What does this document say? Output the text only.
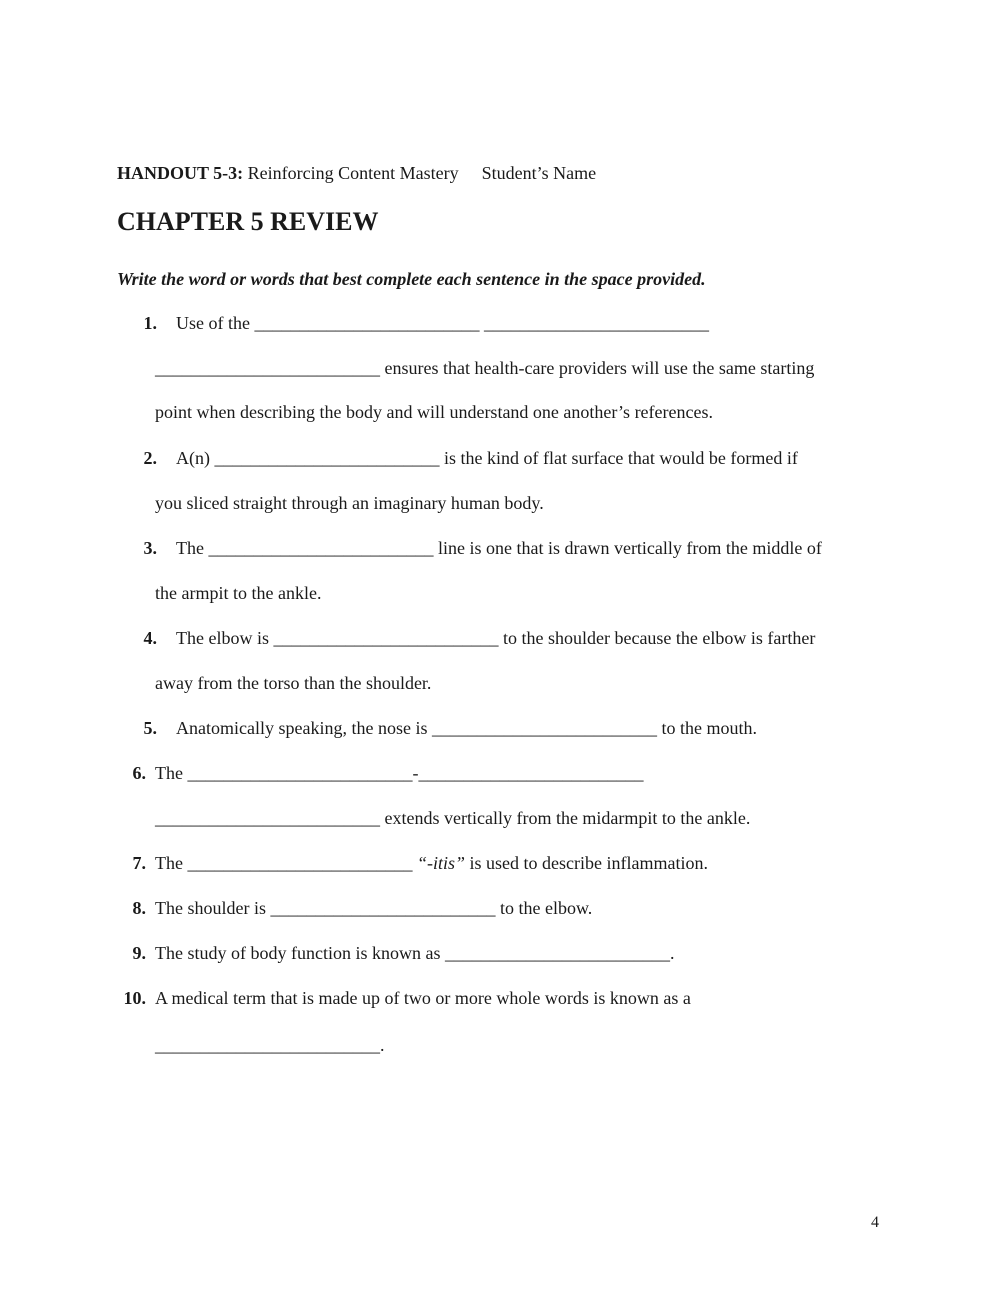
HANDOUT 5-3: Reinforcing Content Mastery Student’s Name
CHAPTER 5 REVIEW
Write the word or words that best complete each sentence in the space provided.
1. Use of the _________________________ _________________________
_________________________ ensures that health-care providers will use the same starting
point when describing the body and will understand one another’s references.
2. A(n) _________________________ is the kind of flat surface that would be formed if
you sliced straight through an imaginary human body.
3. The _________________________ line is one that is drawn vertically from the middle of
the armpit to the ankle.
4. The elbow is _________________________ to the shoulder because the elbow is farther
away from the torso than the shoulder.
5. Anatomically speaking, the nose is _________________________ to the mouth.
6. The _________________________-_________________________
_________________________ extends vertically from the midarmpit to the ankle.
7. The _________________________ “-itis” is used to describe inflammation.
8. The shoulder is _________________________ to the elbow.
9. The study of body function is known as _________________________.
10. A medical term that is made up of two or more whole words is known as a
_________________________.
4
